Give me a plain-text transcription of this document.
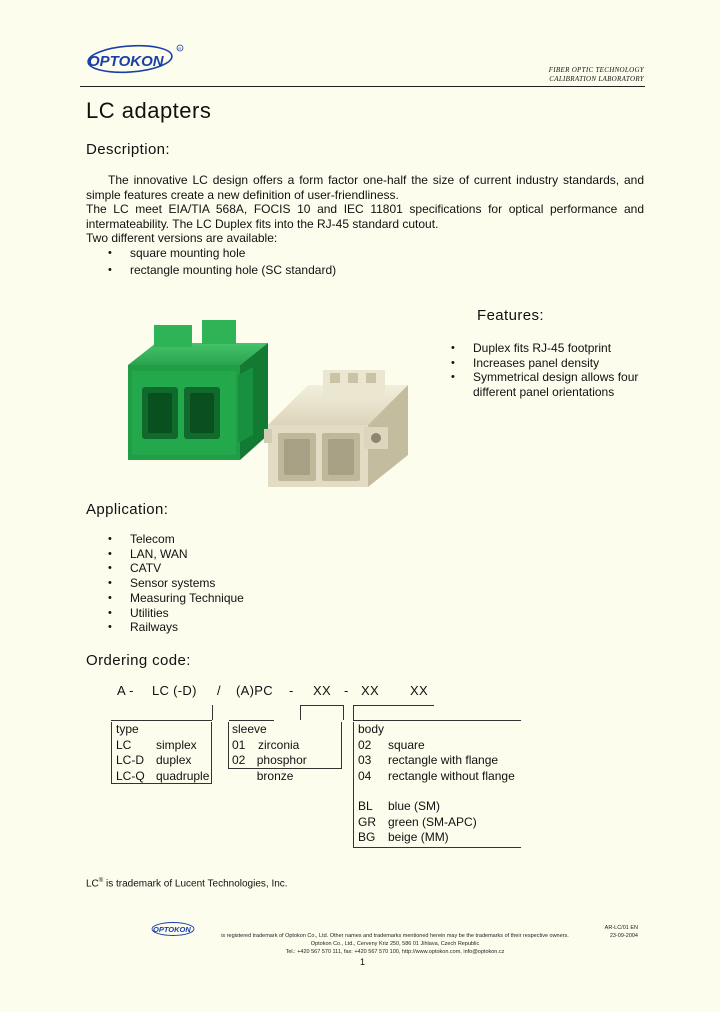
OPTOKON
R
FIBER OPTIC TECHNOLOGY
CALIBRATION LABORATORY
LC adapters
Description:
The innovative LC design offers a form factor one-half the size of current industry standards, and simple features create a new definition of user-friendliness.
The LC meet EIA/TIA 568A, FOCIS 10 and IEC 11801 specifications for optical performance and intermateability. The LC Duplex fits into the RJ-45 standard cutout.
Two different versions are available:
• square mounting hole
• rectangle mounting hole (SC standard)
Features:
• Duplex fits RJ-45 footprint
• Increases panel density
• Symmetrical design allows four different panel orientations
Application:
• Telecom
• LAN, WAN
• CATV
• Sensor systems
• Measuring Technique
• Utilities
• Railways
Ordering code:
A - LC (-D) / (A)PC - XX - XX XX
type
LC	simplex
LC-D duplex
LC-Q quadruple
sleeve
01	zirconia
02 phosphor bronze
body
02	square
03	rectangle with flange
04	rectangle without flange
BL	blue (SM)
GR	green (SM-APC)
BG	beige (MM)
LC® is trademark of Lucent Technologies, Inc.
OPTOKON	AR-LC/01 EN
23-09-2004
is registered trademark of Optokon Co., Ltd. Other names and trademarks mentioned herein may be the trademarks of their respective owners.
Optokon Co., Ltd., Cerveny Kriz 250, 586 01 Jihlava, Czech Republic
Tel.: +420 567 570 111, fax: +420 567 570 100, http://www.optokon.com, info@optokon.cz
1
